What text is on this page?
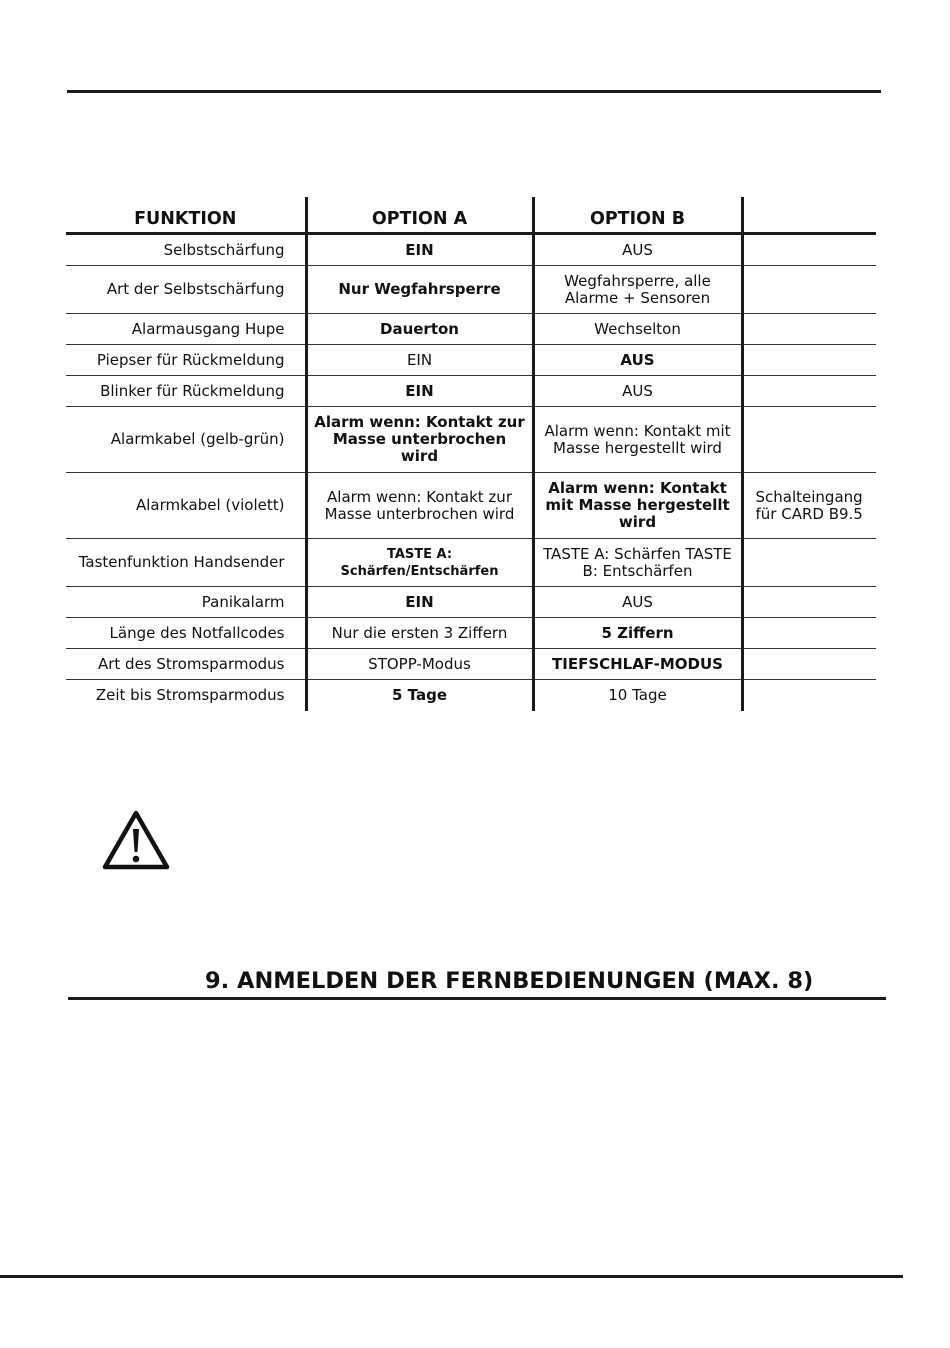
FUNKTION	OPTION A	OPTION B	
Selbstschärfung	EIN	AUS	
Art der Selbstschärfung	Nur Wegfahrsperre	Wegfahrsperre, alle Alarme + Sensoren	
Alarmausgang Hupe	Dauerton	Wechselton	
Piepser für Rückmeldung	EIN	AUS	
Blinker für Rückmeldung	EIN	AUS	
Alarmkabel (gelb-grün)	Alarm wenn: Kontakt zur Masse unterbrochen wird	Alarm wenn: Kontakt mit Masse hergestellt wird	
Alarmkabel (violett)	Alarm wenn: Kontakt zur Masse unterbrochen wird	Alarm wenn: Kontakt mit Masse hergestellt wird	Schalteingang für CARD B9.5
Tastenfunktion Handsender	TASTE A: Schärfen/Entschärfen	TASTE A: Schärfen TASTE B: Entschärfen	
Panikalarm	EIN	AUS	
Länge des Notfallcodes	Nur die ersten 3 Ziffern	5 Ziffern	
Art des Stromsparmodus	STOPP-Modus	TIEFSCHLAF-MODUS	
Zeit bis Stromsparmodus	5 Tage	10 Tage	
9. ANMELDEN DER FERNBEDIENUNGEN (MAX. 8)
